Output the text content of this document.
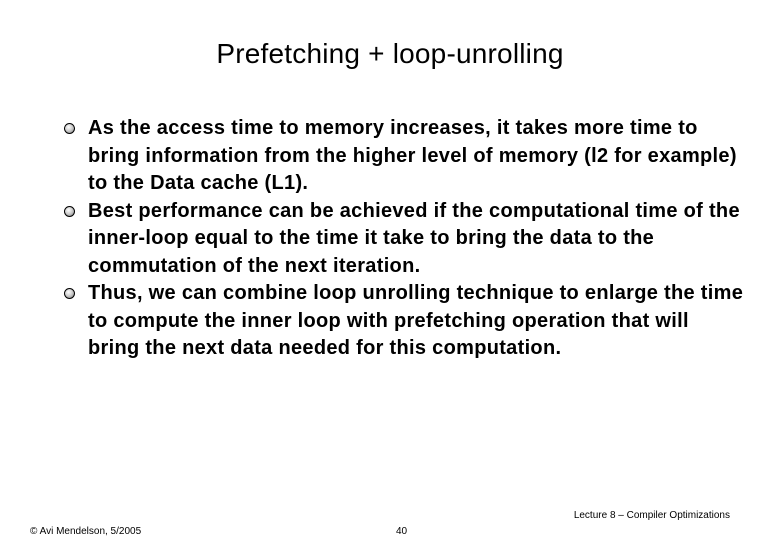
Prefetching + loop-unrolling
As the access time to memory increases, it takes more time to bring information from the higher level of memory (l2 for example) to the Data cache (L1).
Best performance can be achieved if the computational time of the inner-loop equal to the time it take to bring the data to the commutation of the next iteration.
Thus, we can combine loop unrolling technique to enlarge the time to compute the inner loop with prefetching operation that will bring the next data needed for this computation.
Lecture 8 – Compiler Optimizations
© Avi Mendelson, 5/2005	40
